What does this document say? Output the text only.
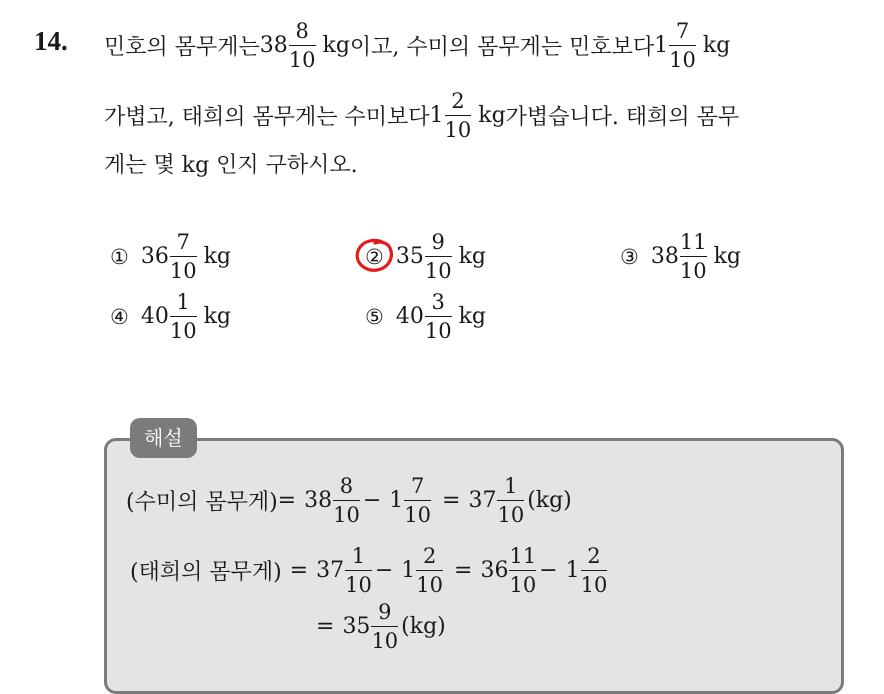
14. 민호의 몸무게는 $38 \frac{8}{10}$ kg 이고, 수미의 몸무게는 민호보다 $1 \frac{7}{10}$ kg
가볍고, 태희의 몸무게는 수미보다 $1 \frac{2}{10}$ kg 가볍습니다. 태희의 몸무
게는 몇 kg 인지 구하시오.
① $36 \frac{7}{10}$ kg	② $35 \frac{9}{10}$ kg	③ $38 \frac{11}{10}$ kg
④ $40 \frac{1}{10}$ kg	⑤ $40 \frac{3}{10}$ kg
해설
(수미의 몸무게) = $38 \frac{8}{10} - 1 \frac{7}{10} = 37 \frac{1}{10} (kg)$
(태희의 몸무게) = $37 \frac{1}{10} - 1 \frac{2}{10} = 36 \frac{11}{10} - 1 \frac{2}{10}$
= $35 \frac{9}{10} (kg)$
